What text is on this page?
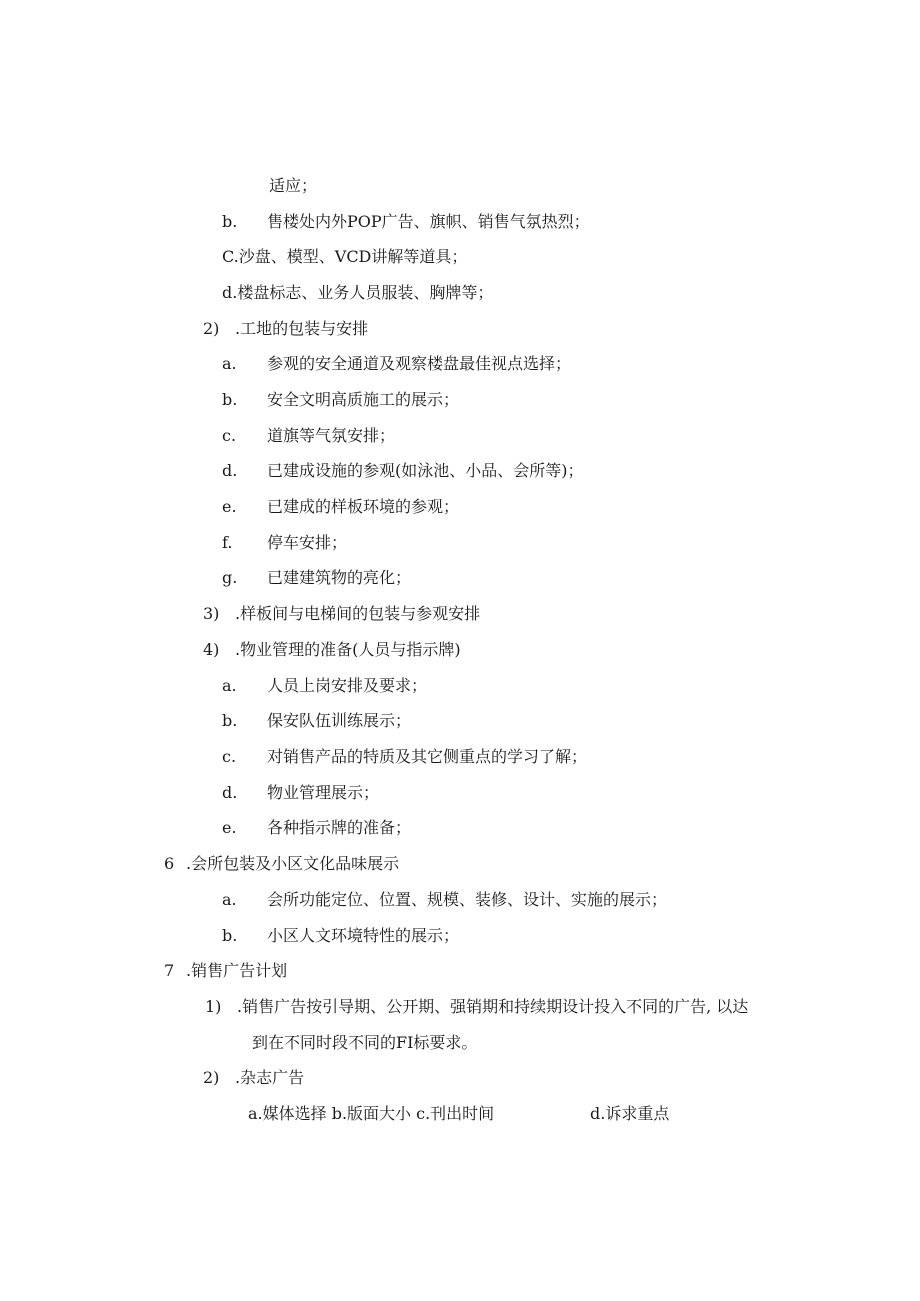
适应；
b. 售楼处内外POP广告、旗帜、销售气氛热烈；
C.沙盘、模型、VCD讲解等道具；
d.楼盘标志、业务人员服装、胸牌等；
2) .工地的包装与安排
a. 参观的安全通道及观察楼盘最佳视点选择；
b. 安全文明高质施工的展示；
c. 道旗等气氛安排；
d. 已建成设施的参观(如泳池、小品、会所等)；
e. 已建成的样板环境的参观；
f. 停车安排；
g. 已建建筑物的亮化；
3) .样板间与电梯间的包装与参观安排
4) .物业管理的准备(人员与指示牌)
a. 人员上岗安排及要求；
b. 保安队伍训练展示；
c. 对销售产品的特质及其它侧重点的学习了解；
d. 物业管理展示；
e. 各种指示牌的准备；
6 .会所包装及小区文化品味展示
a. 会所功能定位、位置、规模、装修、设计、实施的展示；
b. 小区人文环境特性的展示；
7 .销售广告计划
1) .销售广告按引导期、公开期、强销期和持续期设计投入不同的广告, 以达
到在不同时段不同的FI标要求。
2) .杂志广告
a.媒体选择 b.版面大小 c.刊出时间	d.诉求重点
